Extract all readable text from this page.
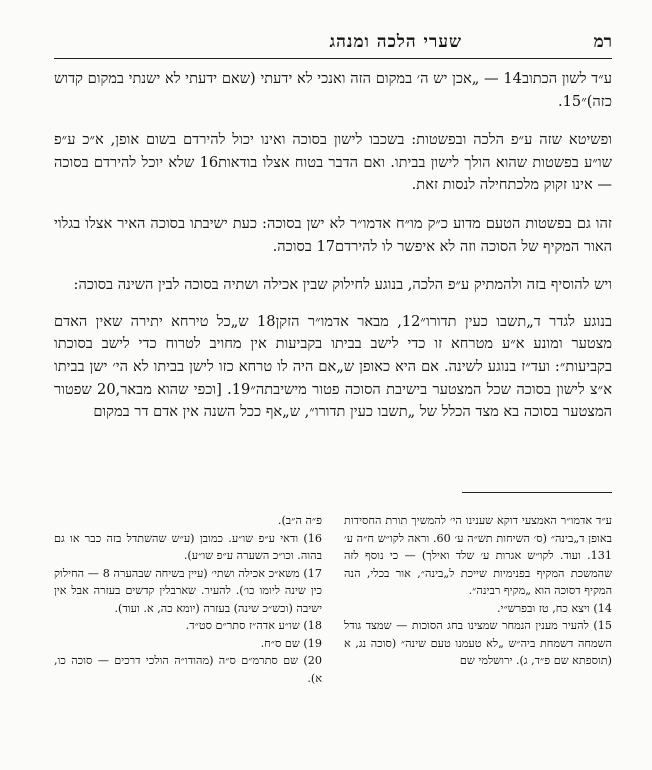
רמ
שערי הלכה ומנהג

ע״ד לשון הכתוב14 — „אכן יש ה׳ במקום הזה ואנכי לא ידעתי (שאם ידעתי לא ישנתי במקום קדוש כזה)״15.

ופשיטא שזה ע״פ הלכה ובפשטות: בשכבו לישון בסוכה ואינו יכול להירדם בשום אופן, א״כ ע״פ שו״ע בפשטות שהוא הולך לישון בביתו. ואם הדבר בטוח אצלו בודאות16 שלא יוכל להירדם בסוכה — אינו זקוק מלכתחילה לנסות זאת.

זהו גם בפשטות הטעם מדוע כ״ק מו״ח אדמו״ר לא ישן בסוכה: כעת ישיבתו בסוכה האיר אצלו בגלוי האור המקיף של הסוכה וזה לא איפשר לו להירדם17 בסוכה.

ויש להוסיף בזה ולהמתיק ע״פ הלכה, בנוגע לחילוק שבין אכילה ושתיה בסוכה לבין השינה בסוכה:

בנוגע לגדר ד„תשבו כעין תדורו״12, מבאר אדמו״ר הזקן18 ש„כל טירחא יתירה שאין האדם מצטער ומונע א״ע מטרחא זו כדי לישב בביתו בקביעות אין מחויב לטרוח כדי לישב בסוכתו בקביעות״: ועד״ז בנוגע לשינה. אם היא כאופן ש„אם היה לו טרחא כזו לישן בביתו לא הי׳ ישן בביתו א״צ לישון בסוכה שכל המצטער בישיבת הסוכה פטור מישיבתה״19. [וכפי שהוא מבאר,20 שפטור המצטער בסוכה בא מצד הכלל של „תשבו כעין תדורו״, ש„אף ככל השנה אין אדם דר במקום

ע״ד אדמו״ר האמצעי דוקא שענינו הי׳ להמשיך תורת החסידות באופן ד„בינה״ (ס׳ השיחות תש״ה ע׳ 60. וראה לקו״ש ח״ה ע׳ 131. ועוד. לקו״ש אגרות ע׳ שלד ואילך) — כי נוסף לזה שהמשכת המקיף בפנימיות שייכת ל„בינה״, אור בכלי, הנה המקיף דסוכה הוא „מקיף רבינה״.
14) ויצא כח, טז ובפרש״י.
15) להעיר מענין הנמחר שמצינו בחג הסוכות — שמצד גודל השמחה דשמחת ביה״ש „לא טעמנו טעם שינה״ (סוכה נג, א (תוספתא שם פ״ד, ג). ירושלמי שם
פ״ה ה״ב).
16) ודאי ע״פ שו״ע. כמובן (ע״ש שהשתדל בזה כבר או גם בהוה. וכו״כ השערה ע״פ שו״ע).
17) משא״כ אכילה ושתי׳ (עיין בשיחה שבהערה 8 — החילוק כין שינה ליומו כו׳). להעיר. שארבלין קדשים בעזרה אבל אין ישיבה (וכש״כ שינה) בעזרה (יומא כה, א. ועוד).
18) שו״ע אדה״ז סתר״ם סט״ד.
19) שם ס״ח.
20) שם סתרמ״ם ס״ה (מהודו״ה הולכי דרכים — סוכה כו, א).
